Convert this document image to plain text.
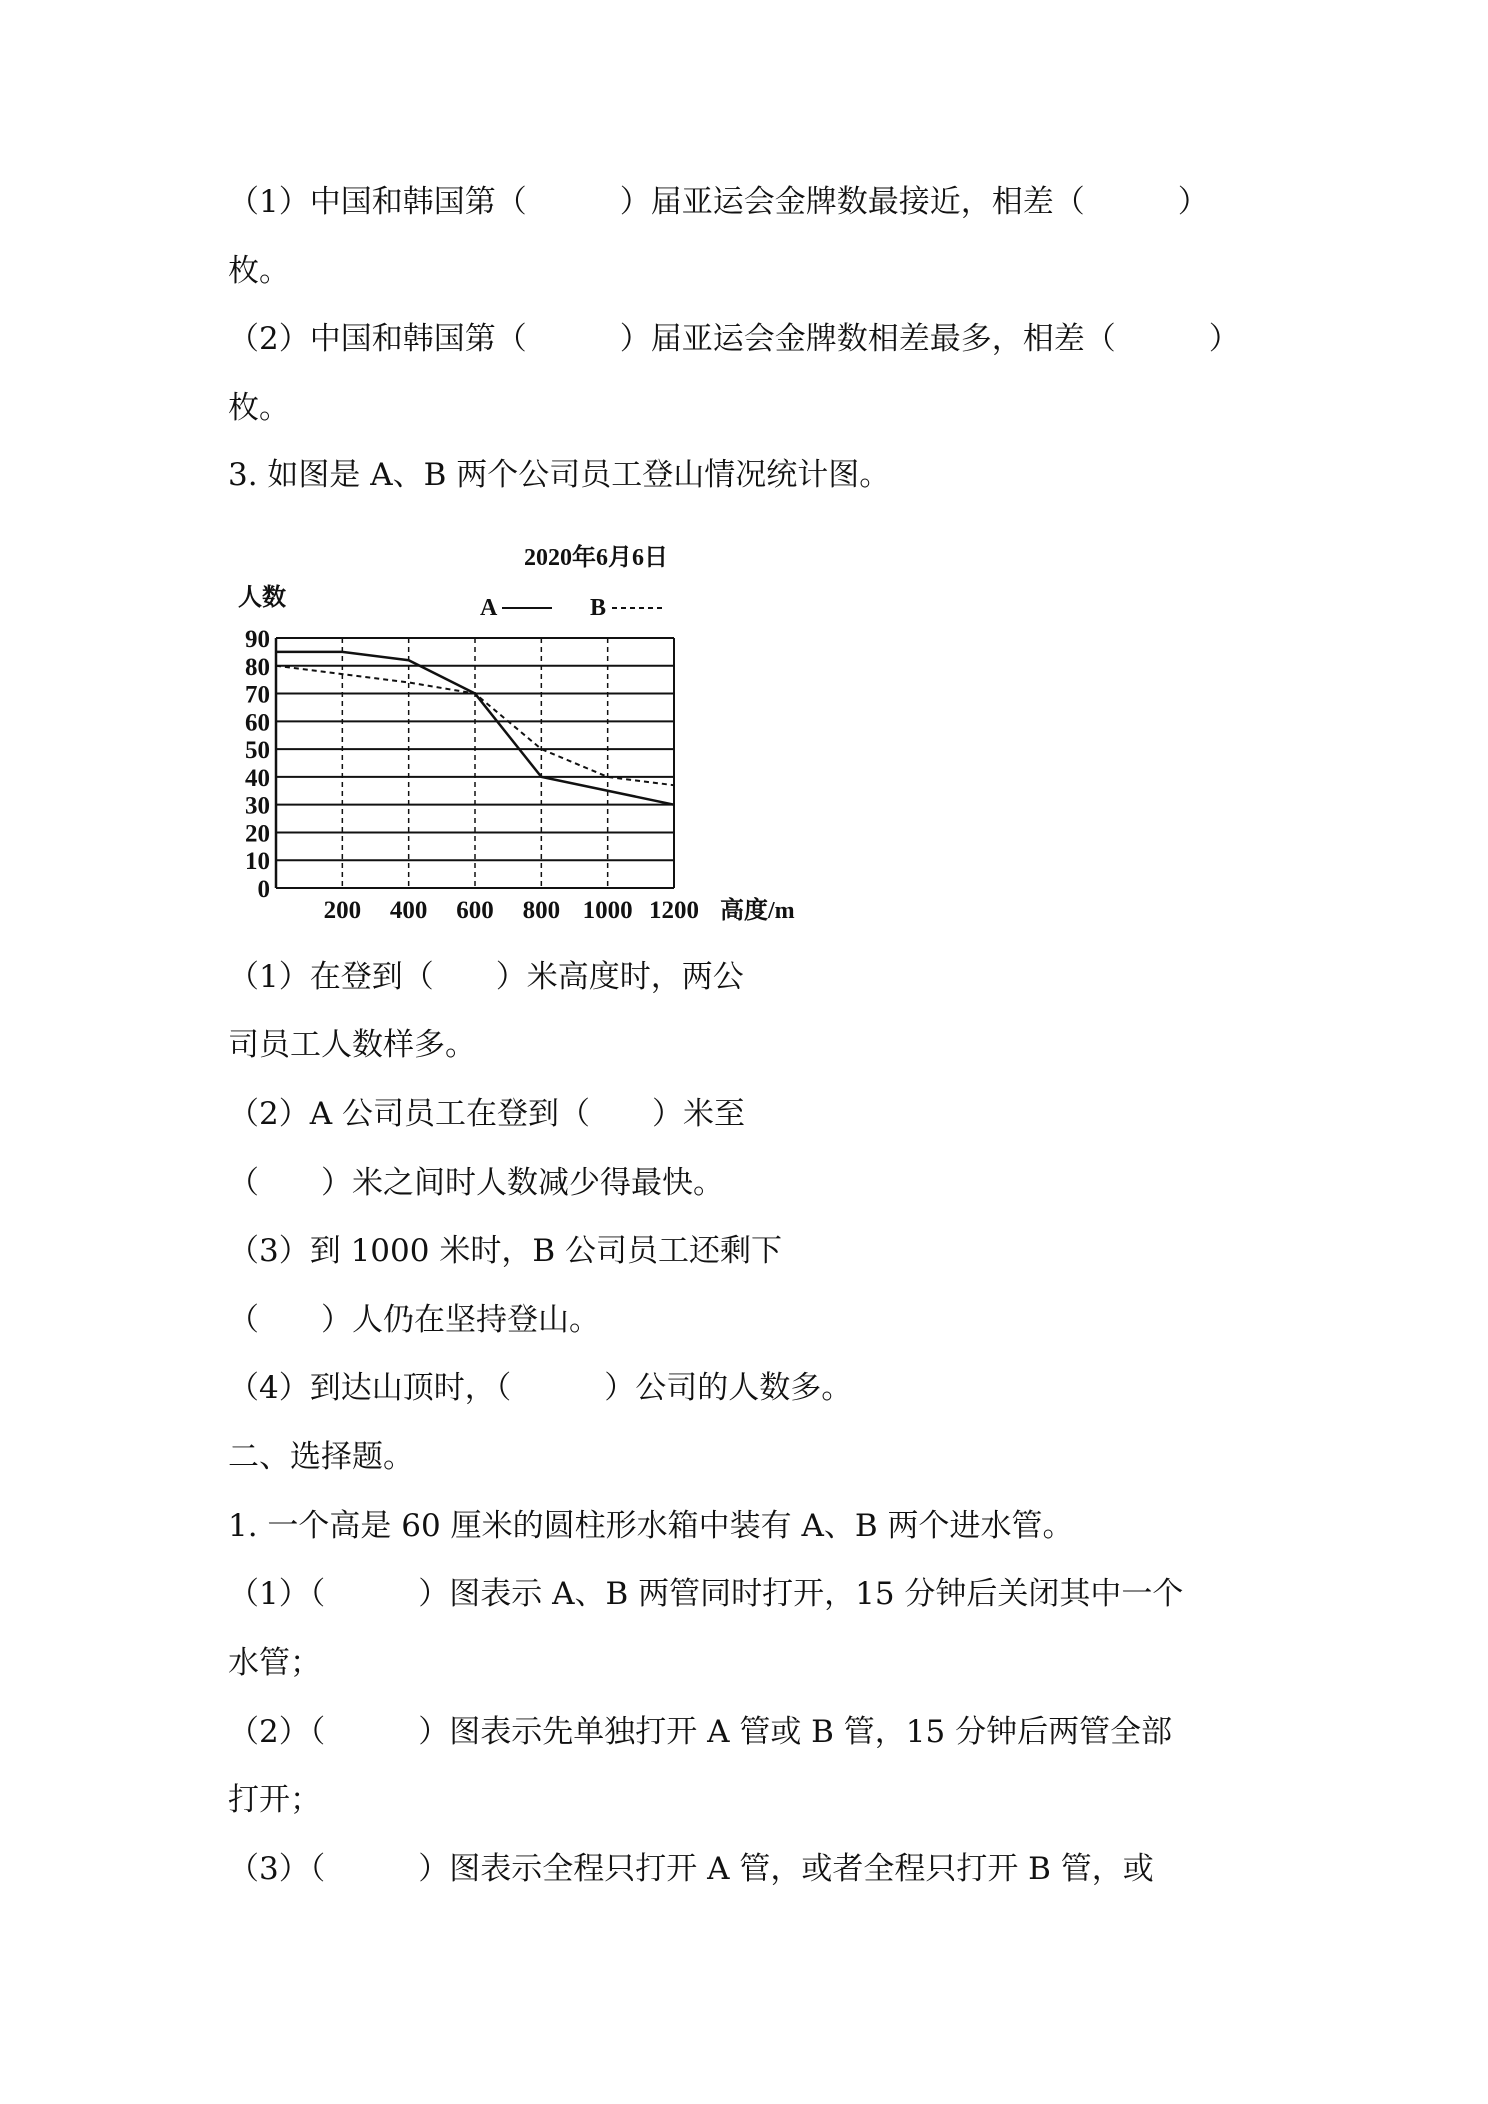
（1）中国和韩国第（　　　）届亚运会金牌数最接近，相差（　　　）
枚。
（2）中国和韩国第（　　　）届亚运会金牌数相差最多，相差（　　　）
枚。
3. 如图是 A、B 两个公司员工登山情况统计图。
2020年6月6日
人数
高度/m
0
10
20
30
40
50
60
70
80
90
200 400 600 800 1000 1200
A	B
（1）在登到（　　）米高度时，两公
司员工人数样多。
（2）A 公司员工在登到（　　）米至
（　　）米之间时人数减少得最快。
（3）到 1000 米时，B 公司员工还剩下
（　　）人仍在坚持登山。
（4）到达山顶时，（　　　）公司的人数多。
二、选择题。
1. 一个高是 60 厘米的圆柱形水箱中装有 A、B 两个进水管。
（1）（　　　）图表示 A、B 两管同时打开，15 分钟后关闭其中一个
水管；
（2）（　　　）图表示先单独打开 A 管或 B 管，15 分钟后两管全部
打开；
（3）（　　　）图表示全程只打开 A 管，或者全程只打开 B 管，或
